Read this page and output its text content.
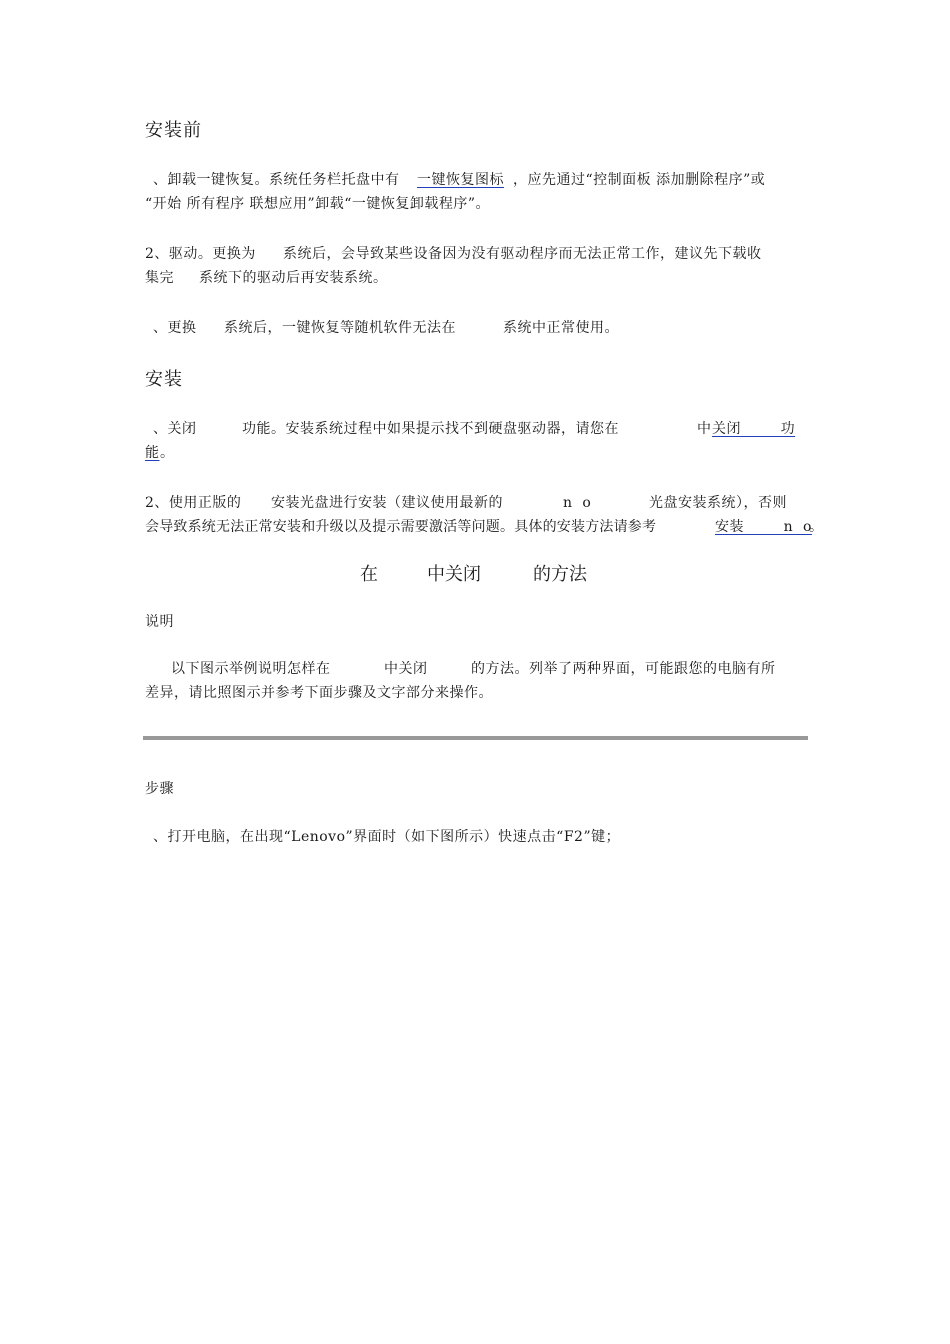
安装前
、卸载一键恢复。系统任务栏托盘中有 一键恢复图标 ，应先通过“控制面板 添加删除程序”或
“开始 所有程序 联想应用”卸载“一键恢复卸载程序”。
2、驱动。更换为 系统后，会导致某些设备因为没有驱动程序而无法正常工作，建议先下载收
集完 系统下的驱动后再安装系统。
、更换 系统后，一键恢复等随机软件无法在	系统中正常使用。
安装
、关闭	功能。安装系统过程中如果提示找不到硬盘驱动器，请您在	中 关闭        功
能 。
2、使用正版的 安装光盘进行安装（建议使用最新的	n  o	光盘安装系统），否则
会导致系统无法正常安装和升级以及提示需要激活等问题。具体的安装方法请参考	安装        n  o
。
在	中关闭	的方法
说明
以下图示举例说明怎样在	中关闭	的方法。列举了两种界面，可能跟您的电脑有所
差异，请比照图示并参考下面步骤及文字部分来操作。
步骤
、打开电脑，在出现“Lenovo”界面时（如下图所示）快速点击“F2”键；
